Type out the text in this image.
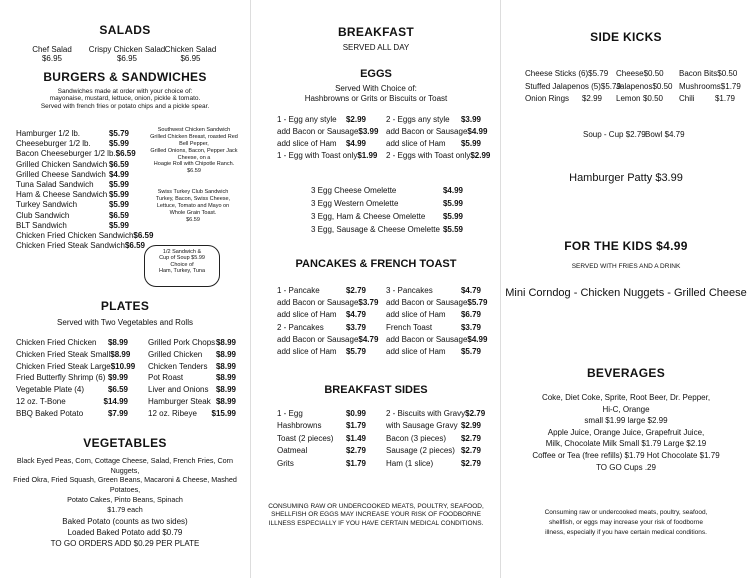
SALADS
Chef Salad
$6.95
Crispy Chicken Salad
$6.95
Chicken Salad
$6.95
BURGERS & SANDWICHES
Sandwiches made at order with your choice of:
mayonaise, mustard, lettuce, onion, pickle & tomato.
Served with french fries or potato chips and a pickle spear.
Hamburger 1/2 lb.	$5.79
Cheeseburger 1/2 lb. $5.99
Bacon Cheeseburger 1/2 lb. $6.59
Grilled Chicken Sandwich $6.59
Grilled Cheese Sandwich $4.99
Tuna Salad Sandwich $5.99
Ham & Cheese Sandwich $5.99
Turkey Sandwich	$5.99
Club Sandwich	$6.59
BLT Sandwich	$5.99
Chicken Fried Chicken Sandwich $6.59
Chicken Fried Steak Sandwich $6.59
Southwest Chicken Sandwich
Grilled Chicken Breast, roasted Red Bell Pepper,
Grilled Onions, Bacon, Pepper Jack Cheese, on a
Hoagie Roll with Chipotle Ranch.
$6.59
Swiss Turkey Club Sandwich
Turkey, Bacon, Swiss Cheese,
Lettuce, Tomato and Mayo on
Whole Grain Toast.
$6.59
1/2 Sandwich &
Cup of Soup $5.99
Choice of
Ham, Turkey, Tuna
PLATES
Served with Two Vegetables and Rolls
Chicken Fried Chicken $8.99
Chicken Fried Steak Small $8.99
Chicken Fried Steak Large $10.99
Fried Butterfly Shrimp (6) $9.99
Vegetable Plate (4)	$6.59
12 oz. T-Bone	$14.99
BBQ Baked Potato	$7.99
Grilled Pork Chops $8.99
Grilled Chicken $8.99
Chicken Tenders $8.99
Pot Roast	$8.99
Liver and Onions $8.99
Hamburger Steak $8.99
12 oz. Ribeye $15.99
VEGETABLES
Black Eyed Peas, Corn, Cottage Cheese, Salad, French Fries, Corn Nuggets,
Fried Okra, Fried Squash, Green Beans, Macaroni & Cheese, Mashed Potatoes,
Potato Cakes, Pinto Beans, Spinach
$1.79 each
Baked Potato (counts as two sides)
Loaded Baked Potato add $0.79
TO GO ORDERS ADD $0.29 PER PLATE
BREAKFAST
SERVED ALL DAY
EGGS
Served With Choice of:
Hashbrowns or Grits or Biscuits or Toast
1 - Egg any style $2.99
add Bacon or Sausage $3.99
add slice of Ham $4.99
1 - Egg with Toast only $1.99
2 - Eggs any style $3.99
add Bacon or Sausage $4.99
add slice of Ham $5.99
2 - Eggs with Toast only $2.99
3 Egg Cheese Omelette	$4.99
3 Egg Western Omelette	$5.99
3 Egg, Ham & Cheese Omelette $5.99
3 Egg, Sausage & Cheese Omelette $5.59
PANCAKES & FRENCH TOAST
1 - Pancake	$2.79
add Bacon or Sausage $3.79
add slice of Ham $4.79
2 - Pancakes	$3.79
add Bacon or Sausage $4.79
add slice of Ham $5.79
3 - Pancakes	$4.79
add Bacon or Sausage $5.79
add slice of Ham $6.79
French Toast	$3.79
add Bacon or Sausage $4.99
add slice of Ham $5.79
BREAKFAST SIDES
1 - Egg	$0.99
Hashbrowns	$1.79
Toast (2 pieces) $1.49
Oatmeal	$2.79
Grits	$1.79
2 - Biscuits with Gravy $2.79
with Sausage Gravy $2.99
Bacon (3 pieces) $2.79
Sausage (2 pieces) $2.79
Ham (1 slice)	$2.79
CONSUMING RAW OR UNDERCOOKED MEATS, POULTRY, SEAFOOD,
SHELLFISH OR EGGS MAY INCREASE YOUR RISK OF FOODBORNE
ILLNESS ESPECIALLY IF YOU HAVE CERTAIN MEDICAL CONDITIONS.
SIDE KICKS
Cheese Sticks (6) $5.79
Stuffed Jalapenos (5) $5.79
Onion Rings $2.99
Cheese $0.50
Jalapenos $0.50
Lemon $0.50
Bacon Bits $0.50
Mushrooms $1.79
Chili	$1.79
Soup - Cup $2.79 Bowl $4.79
Hamburger Patty $3.99
FOR THE KIDS $4.99
SERVED WITH FRIES AND A DRINK
Mini Corndog - Chicken Nuggets - Grilled Cheese
BEVERAGES
Coke, Diet Coke, Sprite, Root Beer, Dr. Pepper,
Hi-C, Orange
small $1.99 large $2.99
Apple Juice, Orange Juice, Grapefruit Juice,
Milk, Chocolate Milk Small $1.79 Large $2.19
Coffee or Tea (free refills) $1.79 Hot Chocolate $1.79
TO GO Cups .29
Consuming raw or undercooked meats, poultry, seafood,
shellfish, or eggs may increase your risk of foodborne
illness, especially if you have certain medical conditions.
